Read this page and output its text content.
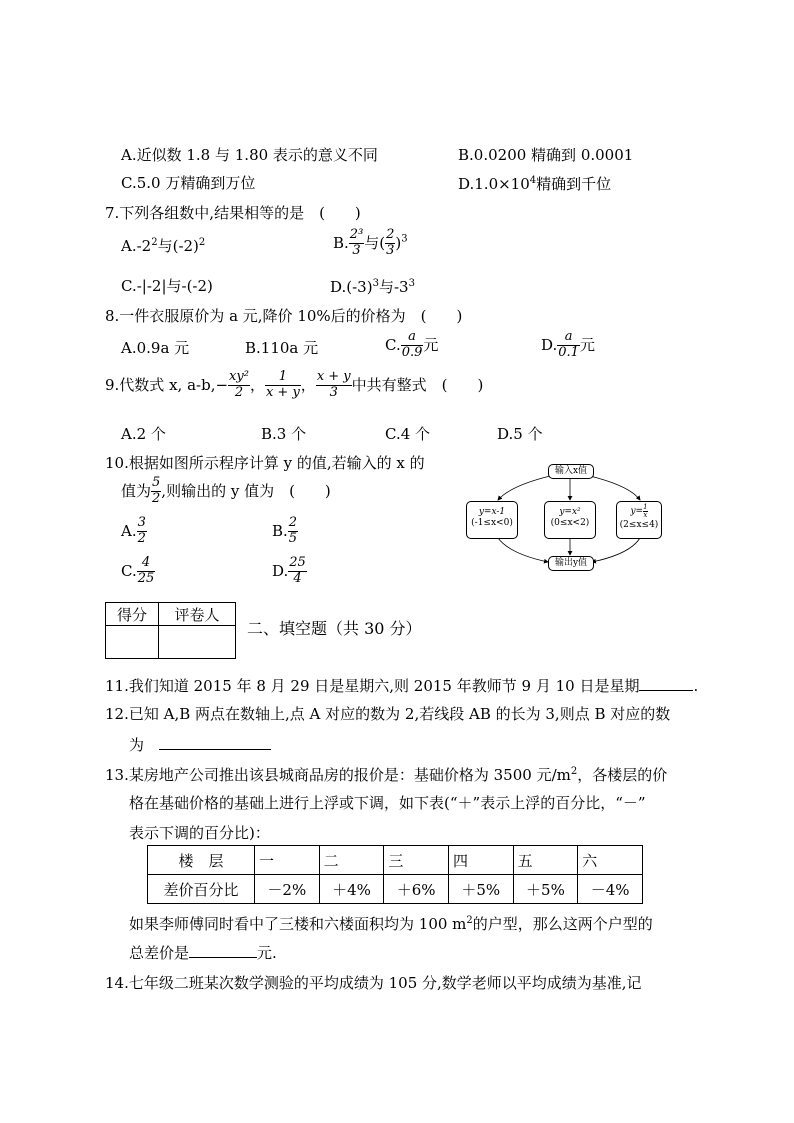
A.近似数 1.8 与 1.80 表示的意义不同	B.0.0200 精确到 0.0001
C.5.0 万精确到万位	$D.1.0\times 10^4$精确到千位
7.下列各组数中,结果相等的是　(　　)
$A.-2^2$与$(-2)^2$	B. $\frac{\text{2³}}{3}$ 与( $\frac{2}{3} )^3$
C.-|-2|与-(-2)	$D.(-3)^3$与$-3^3$
8.一件衣服原价为 a 元,降价 10%后的价格为　(　　)
A.0.9a 元	B.110a 元	C. $\frac{a}{0.9}$ 元	D. $\frac{a}{0.1}$ 元
9.代数式 x, $a-b,- \frac{\text{xy²}}{2}$ ， $\frac{1}{x + y}$ ， $\frac{x + y}{3}$ 中共有整式　(　　)
A.2 个	B.3 个	C.4 个	D.5 个
10.根据如图所示程序计算 y 的值,若输入的 x 的
值为 $\frac{5}{2}$ ,则输出的 y 值为　(　　)
A. $\frac{3}{2}$	B. $\frac{2}{5}$
C. $\frac{4}{25}$	D. $\frac{25}{4}$
输入x值
y=x-1
(-1≤x<0)
y=x²
(0≤x<2)
$y= \frac{1}{x}$
(2≤x≤4)
输出y值
得分	评卷人

二、填空题（共 30 分）
11.我们知道 2015 年 8 月 29 日是星期六,则 2015 年教师节 9 月 10 日是星期	.
12.已知 A,B 两点在数轴上,点 A 对应的数为 2,若线段 AB 的长为 3,则点 B 对应的数
为　
13.某房地产公司推出该县城商品房的报价是：基础价格为 3500 元$/m^2$，各楼层的价
格在基础价格的基础上进行上浮或下调，如下表(“＋”表示上浮的百分比，“－”
表示下调的百分比)：
楼　层	一	二	三	四	五	六
差价百分比	－2%	＋4%	＋6%	＋5%	＋5%	－4%
如果李师傅同时看中了三楼和六楼面积均为 100 $m^2$的户型，那么这两个户型的
总差价是	元.
14.七年级二班某次数学测验的平均成绩为 105 分,数学老师以平均成绩为基准,记
